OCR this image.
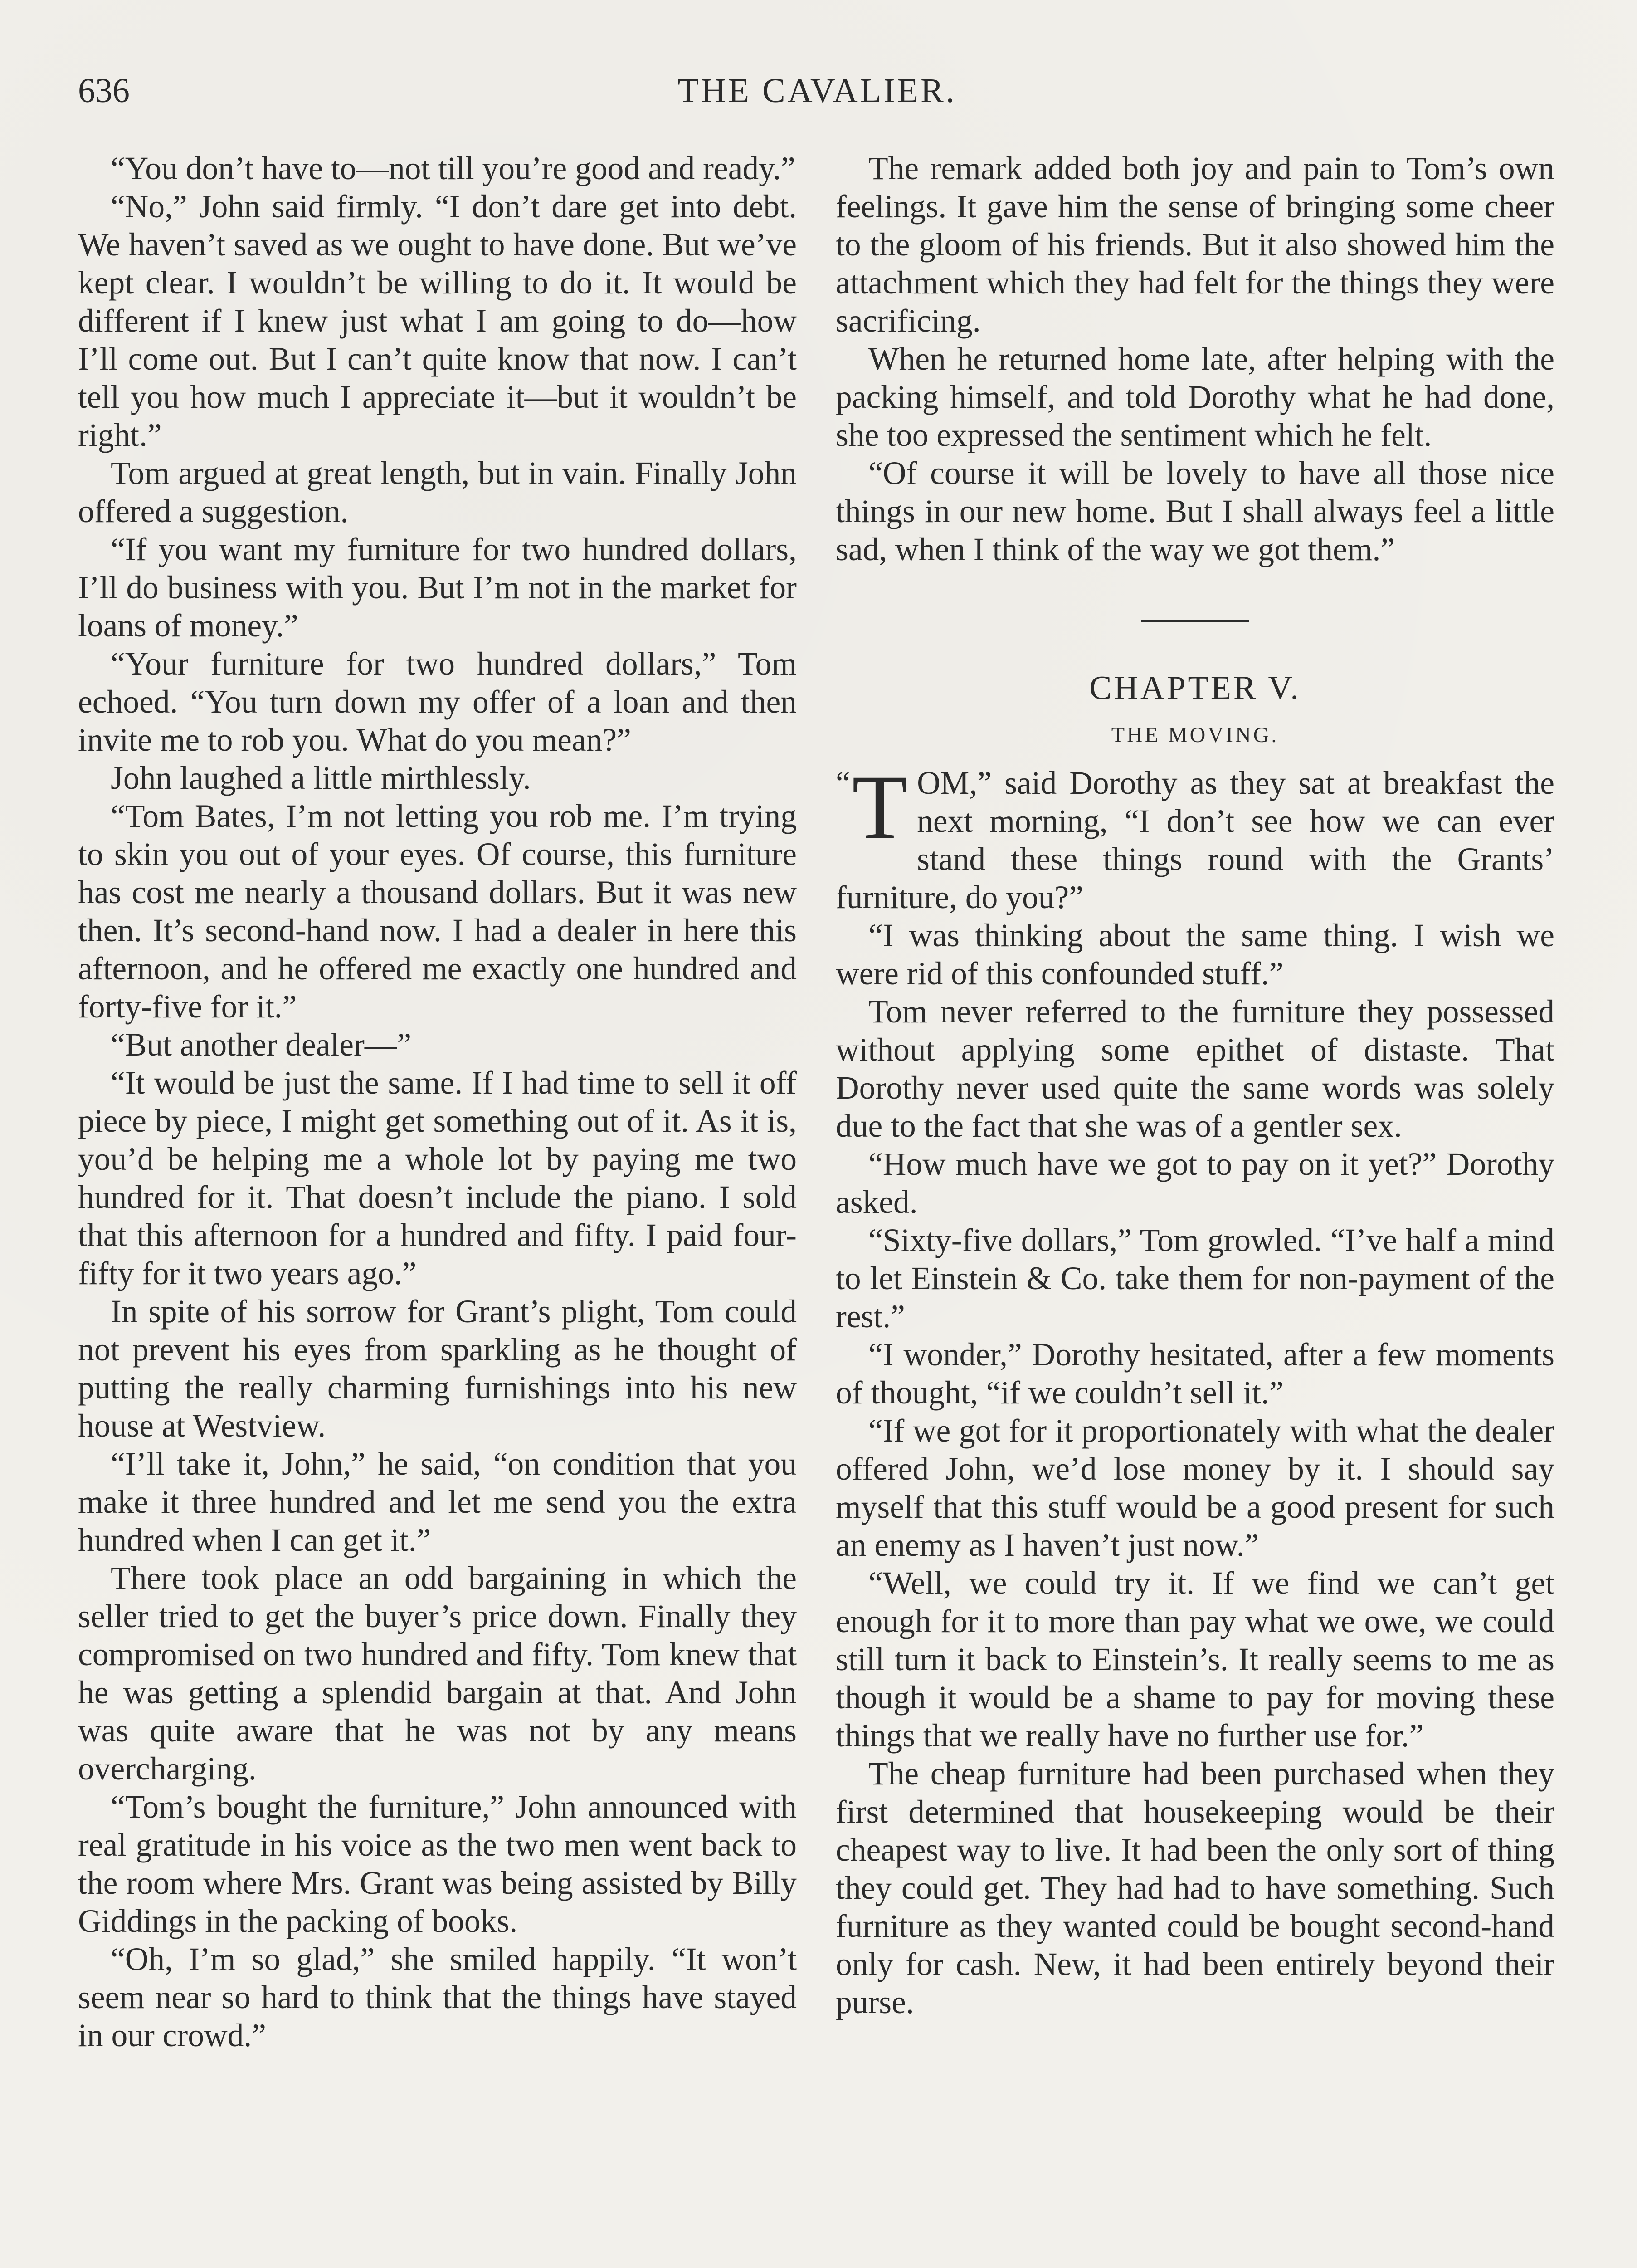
636	THE CAVALIER.

“You don’t have to—not till you’re good and ready.”

“No,” John said firmly. “I don’t dare get into debt. We haven’t saved as we ought to have done. But we’ve kept clear. I wouldn’t be willing to do it. It would be different if I knew just what I am going to do—how I’ll come out. But I can’t quite know that now. I can’t tell you how much I appreciate it—but it wouldn’t be right.”

Tom argued at great length, but in vain. Finally John offered a suggestion.

“If you want my furniture for two hundred dollars, I’ll do business with you. But I’m not in the market for loans of money.”

“Your furniture for two hundred dollars,” Tom echoed. “You turn down my offer of a loan and then invite me to rob you. What do you mean?”

John laughed a little mirthlessly.

“Tom Bates, I’m not letting you rob me. I’m trying to skin you out of your eyes. Of course, this furniture has cost me nearly a thousand dollars. But it was new then. It’s second-hand now. I had a dealer in here this afternoon, and he offered me exactly one hundred and forty-five for it.”

“But another dealer—”

“It would be just the same. If I had time to sell it off piece by piece, I might get something out of it. As it is, you’d be helping me a whole lot by paying me two hundred for it. That doesn’t include the piano. I sold that this afternoon for a hundred and fifty. I paid four-fifty for it two years ago.”

In spite of his sorrow for Grant’s plight, Tom could not prevent his eyes from sparkling as he thought of putting the really charming furnishings into his new house at Westview.

“I’ll take it, John,” he said, “on condition that you make it three hundred and let me send you the extra hundred when I can get it.”

There took place an odd bargaining in which the seller tried to get the buyer’s price down. Finally they compromised on two hundred and fifty. Tom knew that he was getting a splendid bargain at that. And John was quite aware that he was not by any means overcharging.

“Tom’s bought the furniture,” John announced with real gratitude in his voice as the two men went back to the room where Mrs. Grant was being assisted by Billy Giddings in the packing of books.

“Oh, I’m so glad,” she smiled happily. “It won’t seem near so hard to think that the things have stayed in our crowd.”

The remark added both joy and pain to Tom’s own feelings. It gave him the sense of bringing some cheer to the gloom of his friends. But it also showed him the attachment which they had felt for the things they were sacrificing.

When he returned home late, after helping with the packing himself, and told Dorothy what he had done, she too expressed the sentiment which he felt.

“Of course it will be lovely to have all those nice things in our new home. But I shall always feel a little sad, when I think of the way we got them.”

CHAPTER V.
THE MOVING.

“ T OM,” said Dorothy as they sat at breakfast the next morning, “I don’t see how we can ever stand these things round with the Grants’ furniture, do you?”

“I was thinking about the same thing. I wish we were rid of this confounded stuff.”

Tom never referred to the furniture they possessed without applying some epithet of distaste. That Dorothy never used quite the same words was solely due to the fact that she was of a gentler sex.

“How much have we got to pay on it yet?” Dorothy asked.

“Sixty-five dollars,” Tom growled. “I’ve half a mind to let Einstein & Co. take them for non-payment of the rest.”

“I wonder,” Dorothy hesitated, after a few moments of thought, “if we couldn’t sell it.”

“If we got for it proportionately with what the dealer offered John, we’d lose money by it. I should say myself that this stuff would be a good present for such an enemy as I haven’t just now.”

“Well, we could try it. If we find we can’t get enough for it to more than pay what we owe, we could still turn it back to Einstein’s. It really seems to me as though it would be a shame to pay for moving these things that we really have no further use for.”

The cheap furniture had been purchased when they first determined that housekeeping would be their cheapest way to live. It had been the only sort of thing they could get. They had had to have something. Such furniture as they wanted could be bought second-hand only for cash. New, it had been entirely beyond their purse.
